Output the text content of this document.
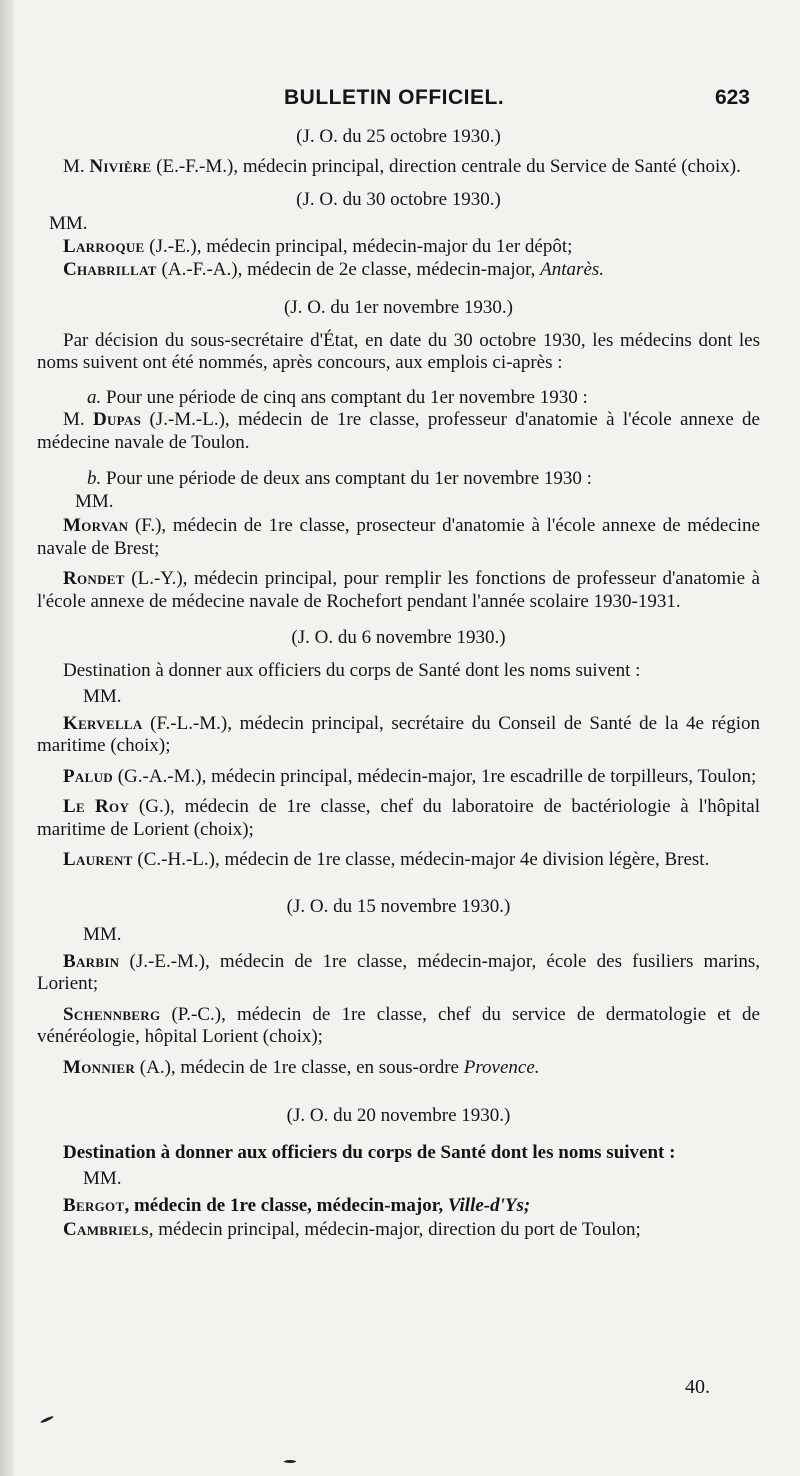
BULLETIN OFFICIEL.	623
(J. O. du 25 octobre 1930.)
M. Nivière (E.-F.-M.), médecin principal, direction centrale du Service de Santé (choix).
(J. O. du 30 octobre 1930.)
MM.
Larroque (J.-E.), médecin principal, médecin-major du 1er dépôt;
Chabrillat (A.-F.-A.), médecin de 2e classe, médecin-major, Antarès.
(J. O. du 1er novembre 1930.)
Par décision du sous-secrétaire d'État, en date du 30 octobre 1930, les médecins dont les noms suivent ont été nommés, après concours, aux emplois ci-après :
a. Pour une période de cinq ans comptant du 1er novembre 1930 :
M. Dupas (J.-M.-L.), médecin de 1re classe, professeur d'anatomie à l'école annexe de médecine navale de Toulon.
b. Pour une période de deux ans comptant du 1er novembre 1930 :
MM.
Morvan (F.), médecin de 1re classe, prosecteur d'anatomie à l'école annexe de médecine navale de Brest;
Rondet (L.-Y.), médecin principal, pour remplir les fonctions de professeur d'anatomie à l'école annexe de médecine navale de Rochefort pendant l'année scolaire 1930-1931.
(J. O. du 6 novembre 1930.)
Destination à donner aux officiers du corps de Santé dont les noms suivent :
MM.
Kervella (F.-L.-M.), médecin principal, secrétaire du Conseil de Santé de la 4e région maritime (choix);
Palud (G.-A.-M.), médecin principal, médecin-major, 1re escadrille de torpilleurs, Toulon;
Le Roy (G.), médecin de 1re classe, chef du laboratoire de bactériologie à l'hôpital maritime de Lorient (choix);
Laurent (C.-H.-L.), médecin de 1re classe, médecin-major 4e division légère, Brest.
(J. O. du 15 novembre 1930.)
MM.
Barbin (J.-E.-M.), médecin de 1re classe, médecin-major, école des fusiliers marins, Lorient;
Schennberg (P.-C.), médecin de 1re classe, chef du service de dermatologie et de vénéréologie, hôpital Lorient (choix);
Monnier (A.), médecin de 1re classe, en sous-ordre Provence.
(J. O. du 20 novembre 1930.)
Destination à donner aux officiers du corps de Santé dont les noms suivent :
MM.
Bergot, médecin de 1re classe, médecin-major, Ville-d'Ys;
Cambriels, médecin principal, médecin-major, direction du port de Toulon;
40.
